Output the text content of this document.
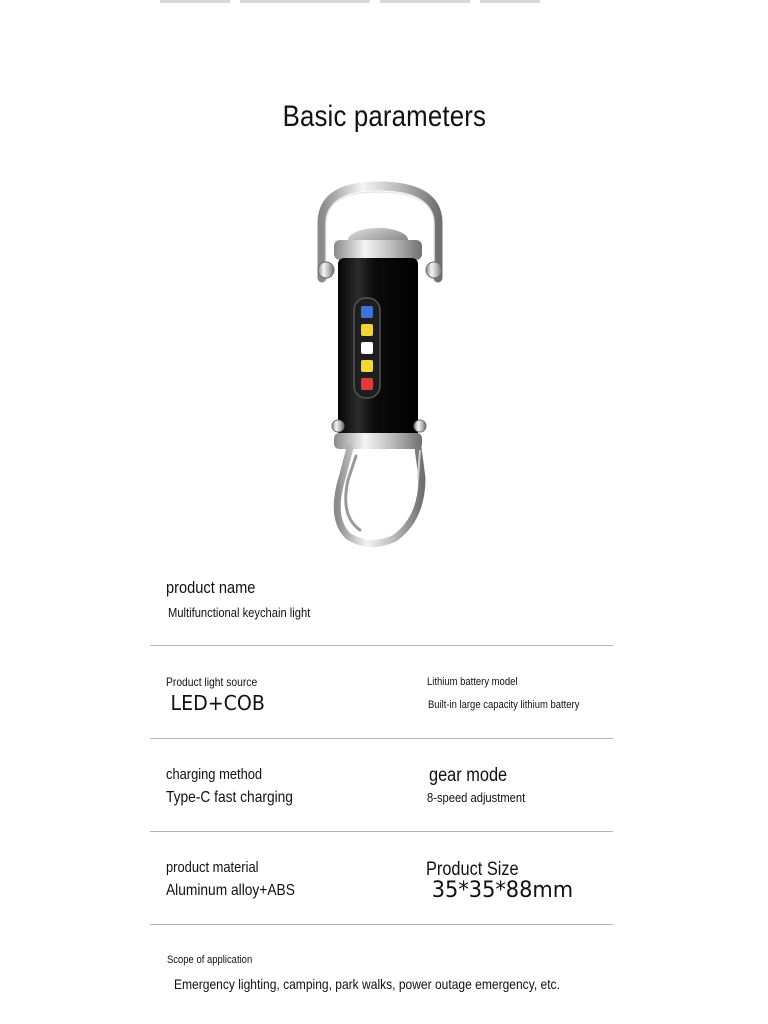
Basic parameters
product name
Multifunctional keychain light
Product light source
LED+COB
Lithium battery model
Built-in large capacity lithium battery
charging method
Type-C fast charging
gear mode
8-speed adjustment
product material
Aluminum alloy+ABS
Product Size
35*35*88mm
Scope of application
Emergency lighting, camping, park walks, power outage emergency, etc.
